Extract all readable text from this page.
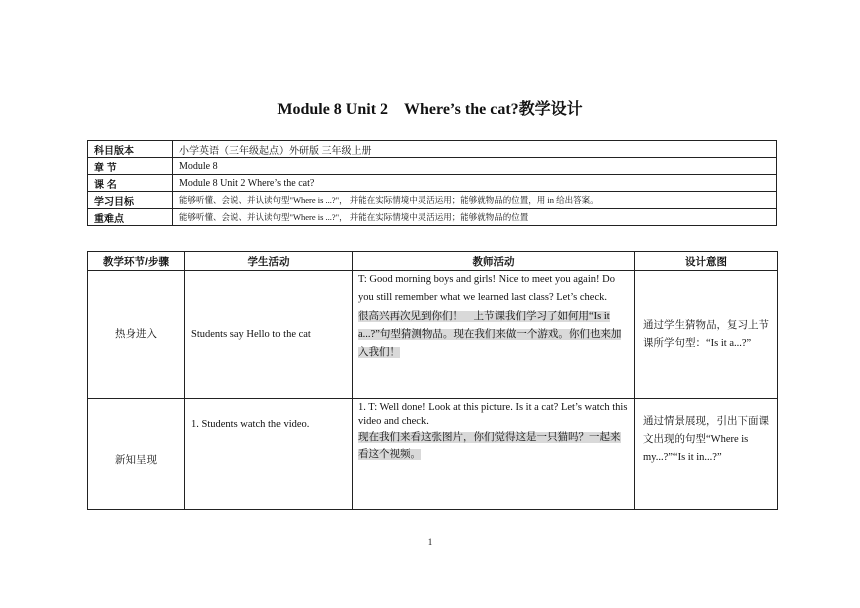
Module 8 Unit 2　Where’s the cat?教学设计
科目版本	小学英语（三年级起点）外研版 三年级上册
章 节	Module 8
课 名	Module 8 Unit 2 Where’s the cat?
学习目标	能够听懂、会说、并认读句型"Where is ...?"， 并能在实际情境中灵活运用；能够就物品的位置，用 in 给出答案。
重难点	能够听懂、会说、并认读句型"Where is ...?"， 并能在实际情境中灵活运用；能够就物品的位置
教学环节/步骤	学生活动	教师活动	设计意图
热身进入	Students say Hello to the cat	T: Good morning boys and girls! Nice to meet you again! Do you still remember what we learned last class? Let’s check.
很高兴再次见到你们！　上节课我们学习了如何用“Is it a...?”句型猜测物品。现在我们来做一个游戏。你们也来加入我们！	通过学生猜物品，复习上节课所学句型：“Is it a...?”
新知呈现	1. Students watch the video.	1. T: Well done! Look at this picture. Is it a cat? Let’s watch this video and check.
现在我们来看这张图片，你们觉得这是一只猫吗？一起来看这个视频。	通过情景展现，引出下面课文出现的句型“Where is my...?”“Is it in...?”
1
